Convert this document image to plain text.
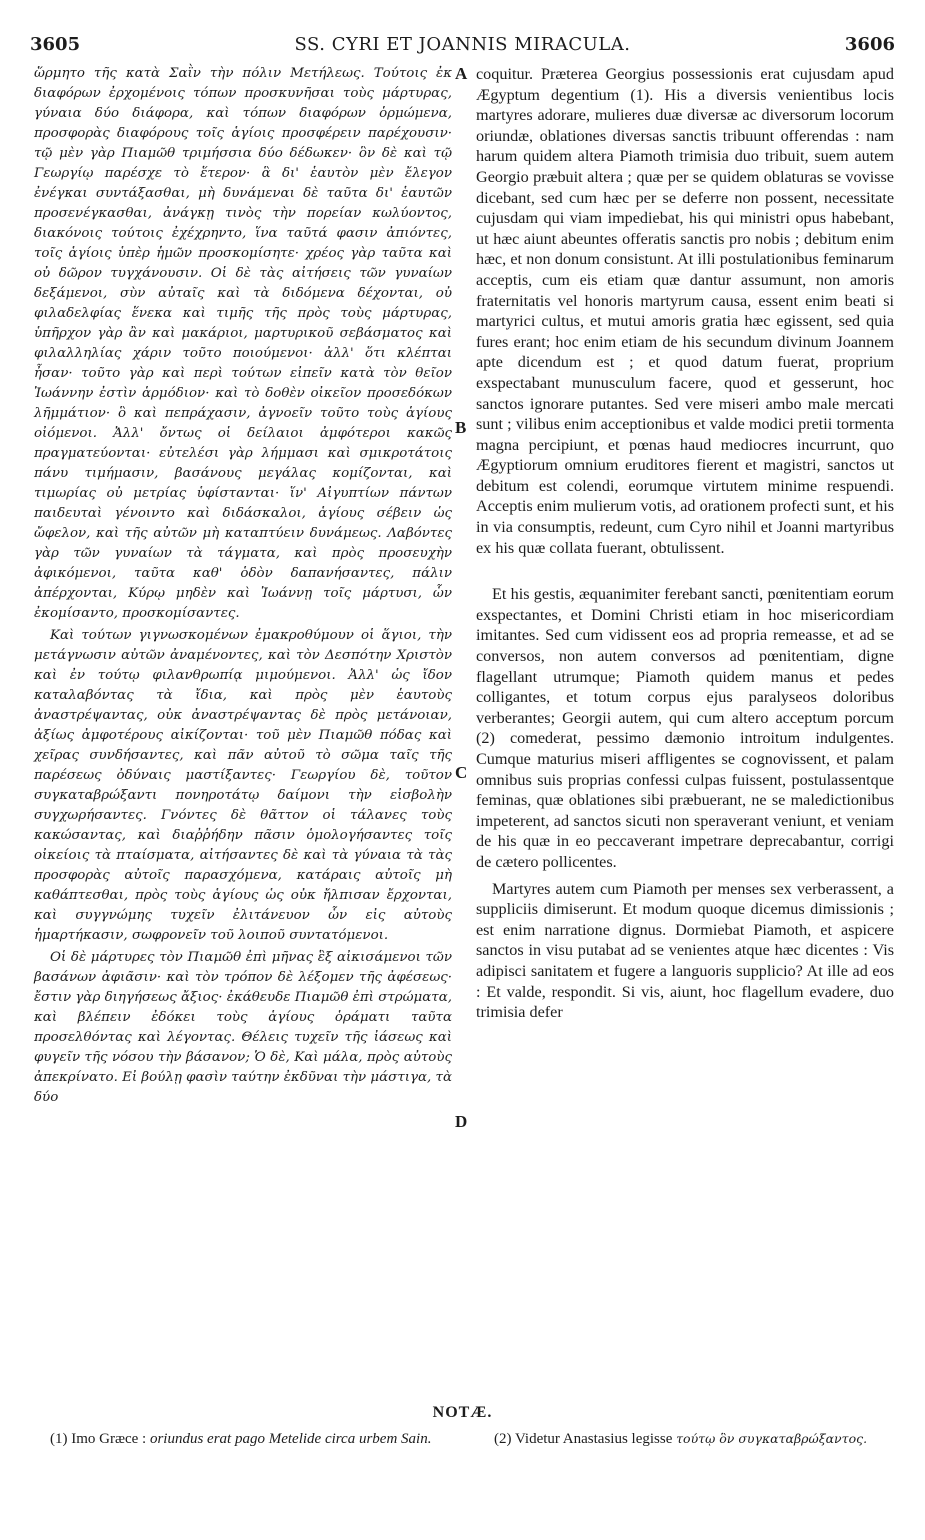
3605	SS. CYRI ET JOANNIS MIRACULA.	3606

ὥρμητο τῆς κατὰ Σαῒν τὴν πόλιν Μετήλεως. Τούτοις ἐκ διαφόρων ἐρχομένοις τόπων προσκυνῆσαι τοὺς μάρτυρας, γύναια δύο διάφορα, καὶ τόπων διαφόρων ὁρμώμενα, προσφορὰς διαφόρους τοῖς ἁγίοις προσφέρειν παρέχουσιν· τῷ μὲν γὰρ Πιαμῶθ τριμήσσια δύο δέδωκεν· ὃν δὲ καὶ τῷ Γεωργίῳ παρέσχε τὸ ἕτερον· ἃ δι' ἑαυτὸν μὲν ἔλεγον ἐνέγκαι συντάξασθαι, μὴ δυνάμεναι δὲ ταῦτα δι' ἑαυτῶν προσενέγκασθαι, ἀνάγκῃ τινὸς τὴν πορείαν κωλύοντος, διακόνοις τούτοις ἐχέχρηντο, ἵνα ταῦτά φασιν ἀπιόντες, τοῖς ἁγίοις ὑπὲρ ἡμῶν προσκομίσητε· χρέος γὰρ ταῦτα καὶ οὐ δῶρον τυγχάνουσιν. Οἱ δὲ τὰς αἰτήσεις τῶν γυναίων δεξάμενοι, σὺν αὐταῖς καὶ τὰ διδόμενα δέχονται, οὐ φιλαδελφίας ἕνεκα καὶ τιμῆς τῆς πρὸς τοὺς μάρτυρας, ὑπῆρχον γὰρ ἂν καὶ μακάριοι, μαρτυρικοῦ σεβάσματος καὶ φιλαλληλίας χάριν τοῦτο ποιούμενοι· ἀλλ' ὅτι κλέπται ἦσαν· τοῦτο γὰρ καὶ περὶ τούτων εἰπεῖν κατὰ τὸν θεῖον Ἰωάννην ἐστὶν ἁρμόδιον· καὶ τὸ δοθὲν οἰκεῖον προσεδόκων λῆμμάτιον· ὃ καὶ πεπράχασιν, ἀγνοεῖν τοῦτο τοὺς ἁγίους οἰόμενοι. Ἀλλ' ὄντως οἱ δείλαιοι ἀμφότεροι κακῶς πραγματεύονται· εὐτελέσι γὰρ λήμμασι καὶ σμικροτάτοις πάνυ τιμήμασιν, βασάνους μεγάλας κομίζονται, καὶ τιμωρίας οὐ μετρίας ὑφίστανται· ἵν' Αἰγυπτίων πάντων παιδευταὶ γένοιντο καὶ διδάσκαλοι, ἁγίους σέβειν ὡς ὤφελον, καὶ τῆς αὐτῶν μὴ καταπτύειν δυνάμεως. Λαβόντες γὰρ τῶν γυναίων τὰ τάγματα, καὶ πρὸς προσευχὴν ἀφικόμενοι, ταῦτα καθ' ὁδὸν δαπανήσαντες, πάλιν ἀπέρχονται, Κύρῳ μηδὲν καὶ Ἰωάννῃ τοῖς μάρτυσι, ὧν ἐκομίσαντο, προσκομίσαντες.

Καὶ τούτων γιγνωσκομένων ἐμακροθύμουν οἱ ἅγιοι, τὴν μετάγνωσιν αὐτῶν ἀναμένοντες, καὶ τὸν Δεσπότην Χριστὸν καὶ ἐν τούτῳ φιλανθρωπίᾳ μιμούμενοι. Ἀλλ' ὡς ἴδον καταλαβόντας τὰ ἴδια, καὶ πρὸς μὲν ἑαυτοὺς ἀναστρέψαντας, οὐκ ἀναστρέψαντας δὲ πρὸς μετάνοιαν, ἀξίως ἀμφοτέρους αἰκίζονται· τοῦ μὲν Πιαμῶθ πόδας καὶ χεῖρας συνδήσαντες, καὶ πᾶν αὐτοῦ τὸ σῶμα ταῖς τῆς παρέσεως ὀδύναις μαστίξαντες· Γεωργίου δὲ, τοῦτον συγκαταβρώξαντι πονηροτάτῳ δαίμονι τὴν εἰσβολὴν συγχωρήσαντες. Γνόντες δὲ θᾶττον οἱ τάλανες τοὺς κακώσαντας, καὶ διαῤῥήδην πᾶσιν ὁμολογήσαντες τοῖς οἰκείοις τὰ πταίσματα, αἰτήσαντες δὲ καὶ τὰ γύναια τὰ τὰς προσφορὰς αὐτοῖς παρασχόμενα, κατάραις αὐτοῖς μὴ καθάπτεσθαι, πρὸς τοὺς ἁγίους ὡς οὐκ ἤλπισαν ἔρχονται, καὶ συγγνώμης τυχεῖν ἐλιτάνευον ὧν εἰς αὐτοὺς ἡμαρτήκασιν, σωφρονεῖν τοῦ λοιποῦ συντατόμενοι.

Οἱ δὲ μάρτυρες τὸν Πιαμῶθ ἐπὶ μῆνας ἓξ αἰκισάμενοι τῶν βασάνων ἀφιᾶσιν· καὶ τὸν τρόπον δὲ λέξομεν τῆς ἀφέσεως· ἔστιν γὰρ διηγήσεως ἄξιος· ἐκάθευδε Πιαμῶθ ἐπὶ στρώματα, καὶ βλέπειν ἐδόκει τοὺς ἁγίους ὁράματι ταῦτα προσελθόντας καὶ λέγοντας. Θέλεις τυχεῖν τῆς ἰάσεως καὶ φυγεῖν τῆς νόσου τὴν βάσανον; Ὁ δὲ, Καὶ μάλα, πρὸς αὐτοὺς ἀπεκρίνατο. Εἰ βούλῃ φασὶν ταύτην ἐκδῦναι τὴν μάστιγα, τὰ δύο

coquitur. Præterea Georgius possessionis erat cujusdam apud Ægyptum degentium (1). His a diversis venientibus locis martyres adorare, mulieres duæ diversæ ac diversorum locorum oriundæ, oblationes diversas sanctis tribuunt offerendas : nam harum quidem altera Piamoth trimisia duo tribuit, suem autem Georgio præbuit altera ; quæ per se quidem oblaturas se vovisse dicebant, sed cum hæc per se deferre non possent, necessitate cujusdam qui viam impediebat, his qui ministri opus habebant, ut hæc aiunt abeuntes offeratis sanctis pro nobis ; debitum enim hæc, et non donum consistunt. At illi postulationibus feminarum acceptis, cum eis etiam quæ dantur assumunt, non amoris fraternitatis vel honoris martyrum causa, essent enim beati si martyrici cultus, et mutui amoris gratia hæc egissent, sed quia fures erant; hoc enim etiam de his secundum divinum Joannem apte dicendum est ; et quod datum fuerat, proprium exspectabant munusculum facere, quod et gesserunt, hoc sanctos ignorare putantes. Sed vere miseri ambo male mercati sunt ; vilibus enim acceptionibus et valde modici pretii tormenta magna percipiunt, et pœnas haud mediocres incurrunt, quo Ægyptiorum omnium eruditores fierent et magistri, sanctos ut debitum est colendi, eorumque virtutem minime respuendi. Acceptis enim mulierum votis, ad orationem profecti sunt, et his in via consumptis, redeunt, cum Cyro nihil et Joanni martyribus ex his quæ collata fuerant, obtulissent.

Et his gestis, æquanimiter ferebant sancti, pœnitentiam eorum exspectantes, et Domini Christi etiam in hoc misericordiam imitantes. Sed cum vidissent eos ad propria remeasse, et ad se conversos, non autem conversos ad pœnitentiam, digne flagellant utrumque; Piamoth quidem manus et pedes colligantes, et totum corpus ejus paralyseos doloribus verberantes; Georgii autem, qui cum altero acceptum porcum (2) comederat, pessimo dæmonio introitum indulgentes. Cumque maturius miseri affligentes se cognovissent, et palam omnibus suis proprias confessi culpas fuissent, postulassentque feminas, quæ oblationes sibi præbuerant, ne se maledictionibus impeterent, ad sanctos sicuti non speraverant veniunt, et veniam de his quæ in eo peccaverant impetrare deprecabantur, corrigi de cætero pollicentes.

Martyres autem cum Piamoth per menses sex verberassent, a suppliciis dimiserunt. Et modum quoque dicemus dimissionis ; est enim narratione dignus. Dormiebat Piamoth, et aspicere sanctos in visu putabat ad se venientes atque hæc dicentes : Vis adipisci sanitatem et fugere a languoris supplicio? At ille ad eos : Et valde, respondit. Si vis, aiunt, hoc flagellum evadere, duo trimisia defer

A
B
C
D
NOTÆ.
(1) Imo Græce : oriundus erat pago Metelide circa urbem Sain.	(2) Videtur Anastasius legisse τούτῳ ὃν συγκαταβρώξαντος.
